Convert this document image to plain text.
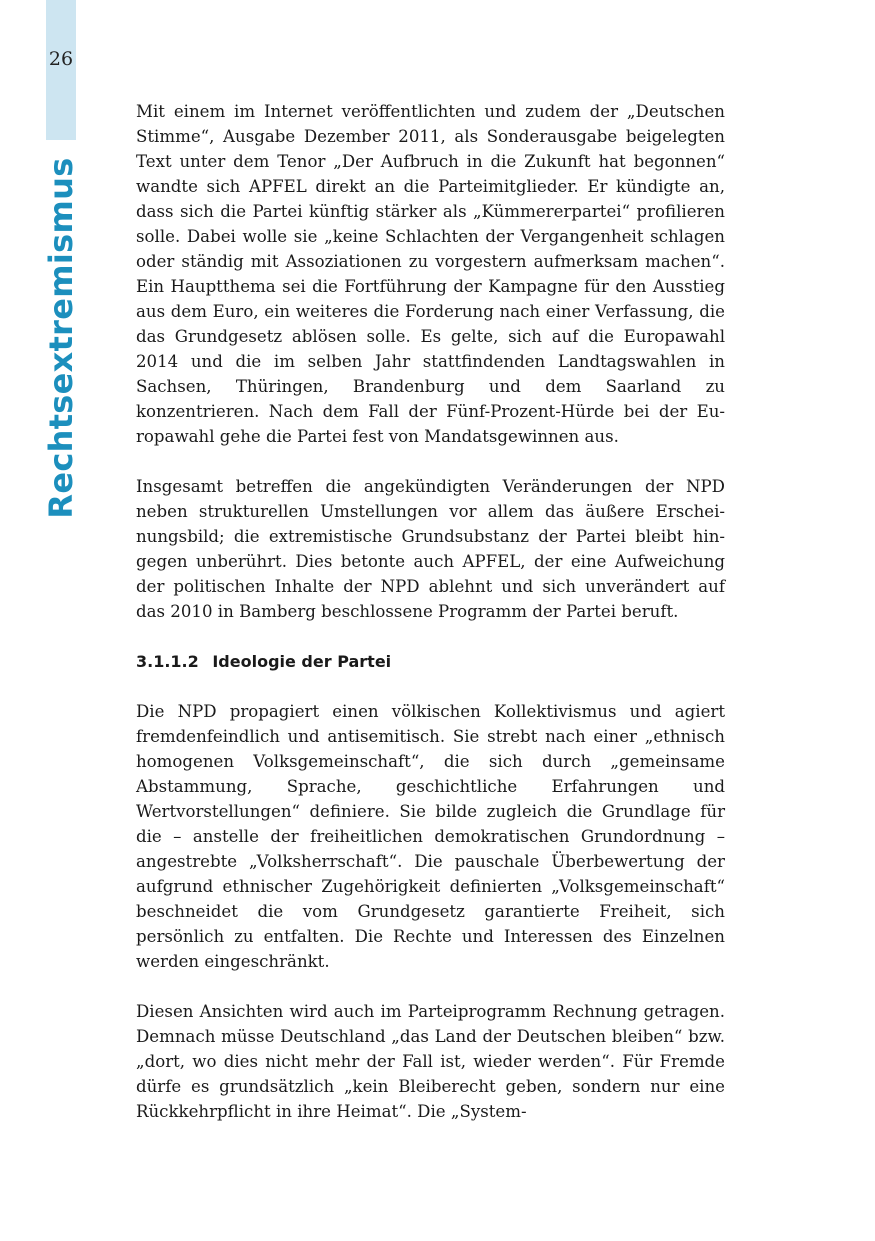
26
Rechtsextremismus

Mit einem im Internet veröffentlichten und zudem der „Deutschen Stimme“, Ausgabe Dezember 2011, als Sonderausgabe beigelegten Text unter dem Tenor „Der Aufbruch in die Zukunft hat begonnen“ wandte sich APFEL direkt an die Parteimitglieder. Er kündigte an, dass sich die Partei künftig stärker als „Kümmererpartei“ profilieren solle. Dabei wolle sie „keine Schlachten der Vergangenheit schlagen oder ständig mit Assoziationen zu vorgestern aufmerksam machen“. Ein Hauptthema sei die Fortführung der Kampagne für den Ausstieg aus dem Euro, ein weiteres die Forderung nach einer Verfassung, die das Grundgesetz ablösen solle. Es gelte, sich auf die Europawahl 2014 und die im selben Jahr stattfindenden Landtagswahlen in Sachsen, Thüringen, Brandenburg und dem Saarland zu konzentrieren. Nach dem Fall der Fünf-Prozent-Hürde bei der Europawahl gehe die Partei fest von Mandatsgewinnen aus.

Insgesamt betreffen die angekündigten Veränderungen der NPD neben strukturellen Umstellungen vor allem das äußere Erscheinungsbild; die extremistische Grundsubstanz der Partei bleibt hingegen unberührt. Dies betonte auch APFEL, der eine Aufweichung der politischen Inhalte der NPD ablehnt und sich unverändert auf das 2010 in Bamberg beschlossene Programm der Partei beruft.

3.1.1.2 Ideologie der Partei

Die NPD propagiert einen völkischen Kollektivismus und agiert fremdenfeindlich und antisemitisch. Sie strebt nach einer „ethnisch homogenen Volksgemeinschaft“, die sich durch „gemeinsame Abstammung, Sprache, geschichtliche Erfahrungen und Wertvorstellungen“ definiere. Sie bilde zugleich die Grundlage für die – anstelle der freiheitlichen demokratischen Grundordnung – angestrebte „Volksherrschaft“. Die pauschale Überbewertung der aufgrund ethnischer Zugehörigkeit definierten „Volksgemeinschaft“ beschneidet die vom Grundgesetz garantierte Freiheit, sich persönlich zu entfalten. Die Rechte und Interessen des Einzelnen werden eingeschränkt.

Diesen Ansichten wird auch im Parteiprogramm Rechnung getragen. Demnach müsse Deutschland „das Land der Deutschen bleiben“ bzw. „dort, wo dies nicht mehr der Fall ist, wieder werden“. Für Fremde dürfe es grundsätzlich „kein Bleiberecht geben, sondern nur eine Rückkehrpflicht in ihre Heimat“. Die „System-
